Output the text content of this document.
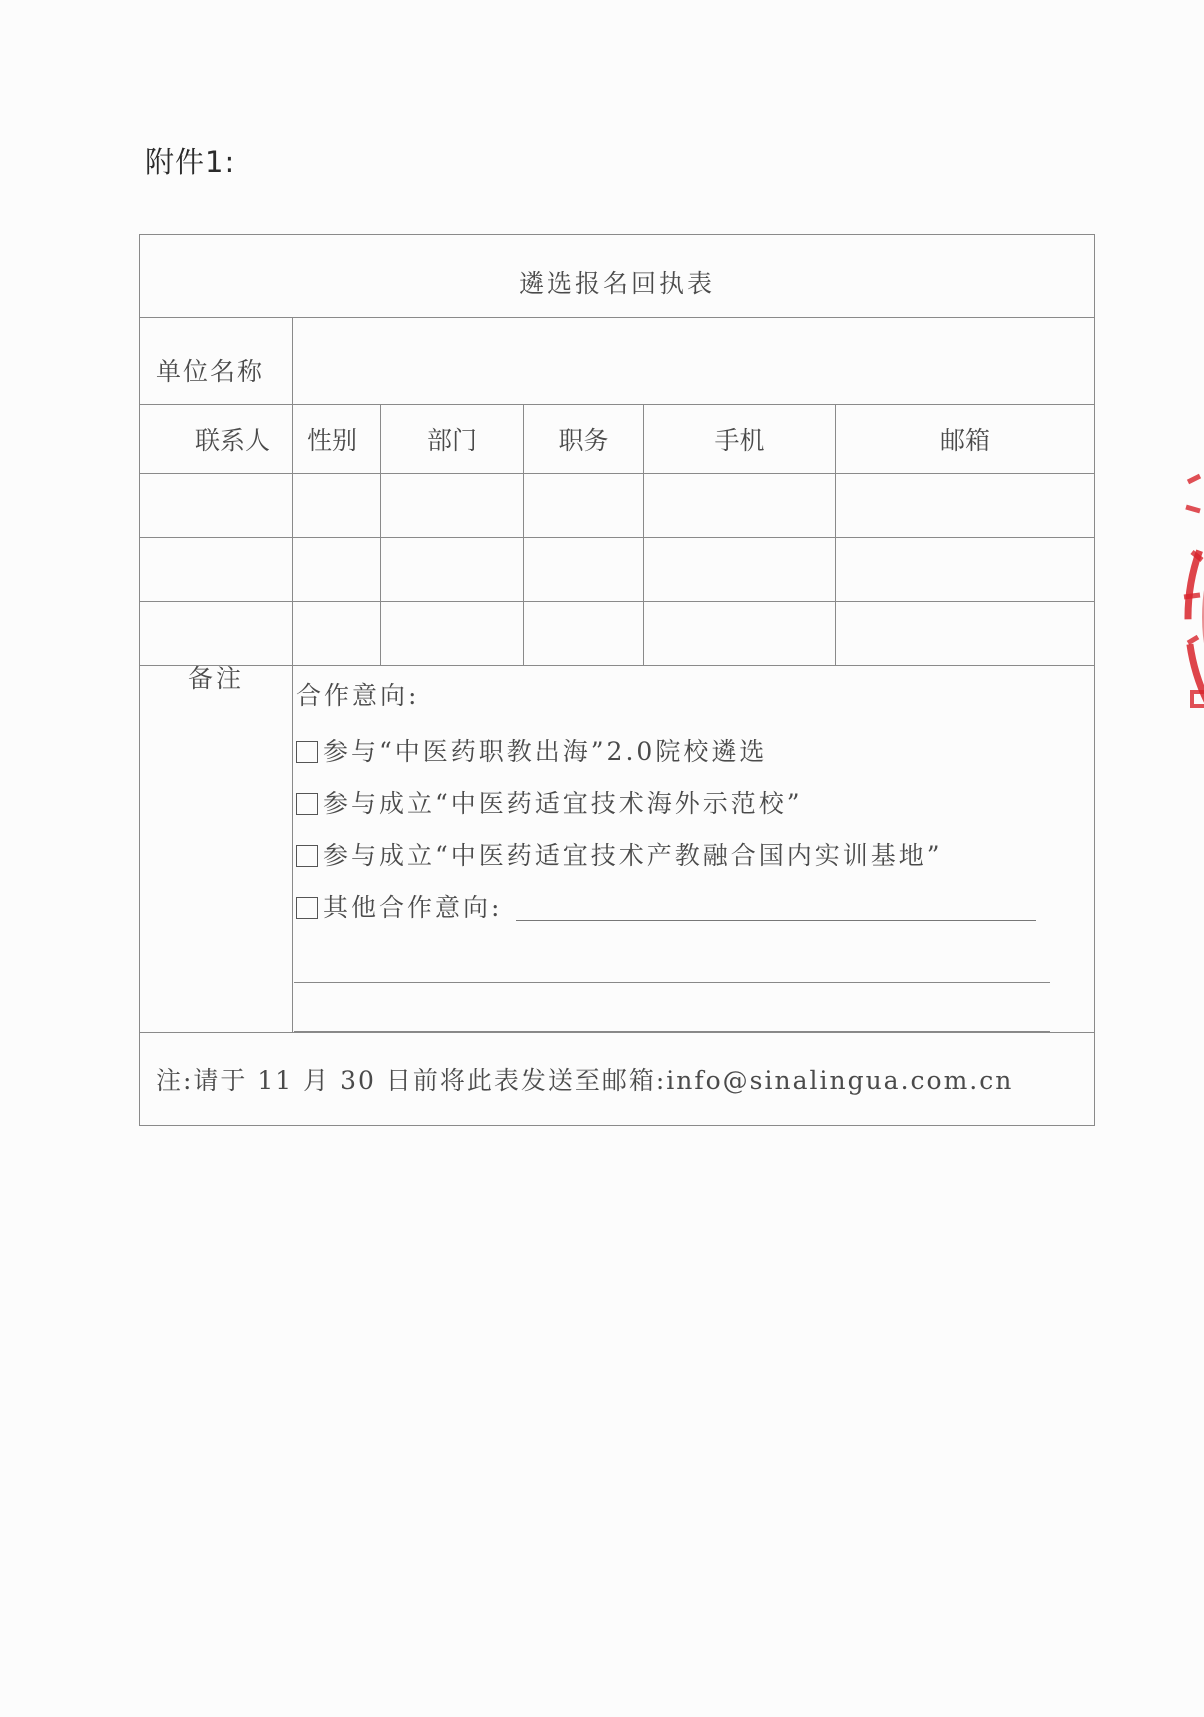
附件1:
遴选报名回执表					
单位名称					
联系人	性别	部门	职务	手机	邮箱

备注	合作意向:
参与“中医药职教出海”2.0院校遴选
参与成立“中医药适宜技术海外示范校”
参与成立“中医药适宜技术产教融合国内实训基地”
其他合作意向:				

注:请于 11 月 30 日前将此表发送至邮箱:info@sinalingua.com.cn					
